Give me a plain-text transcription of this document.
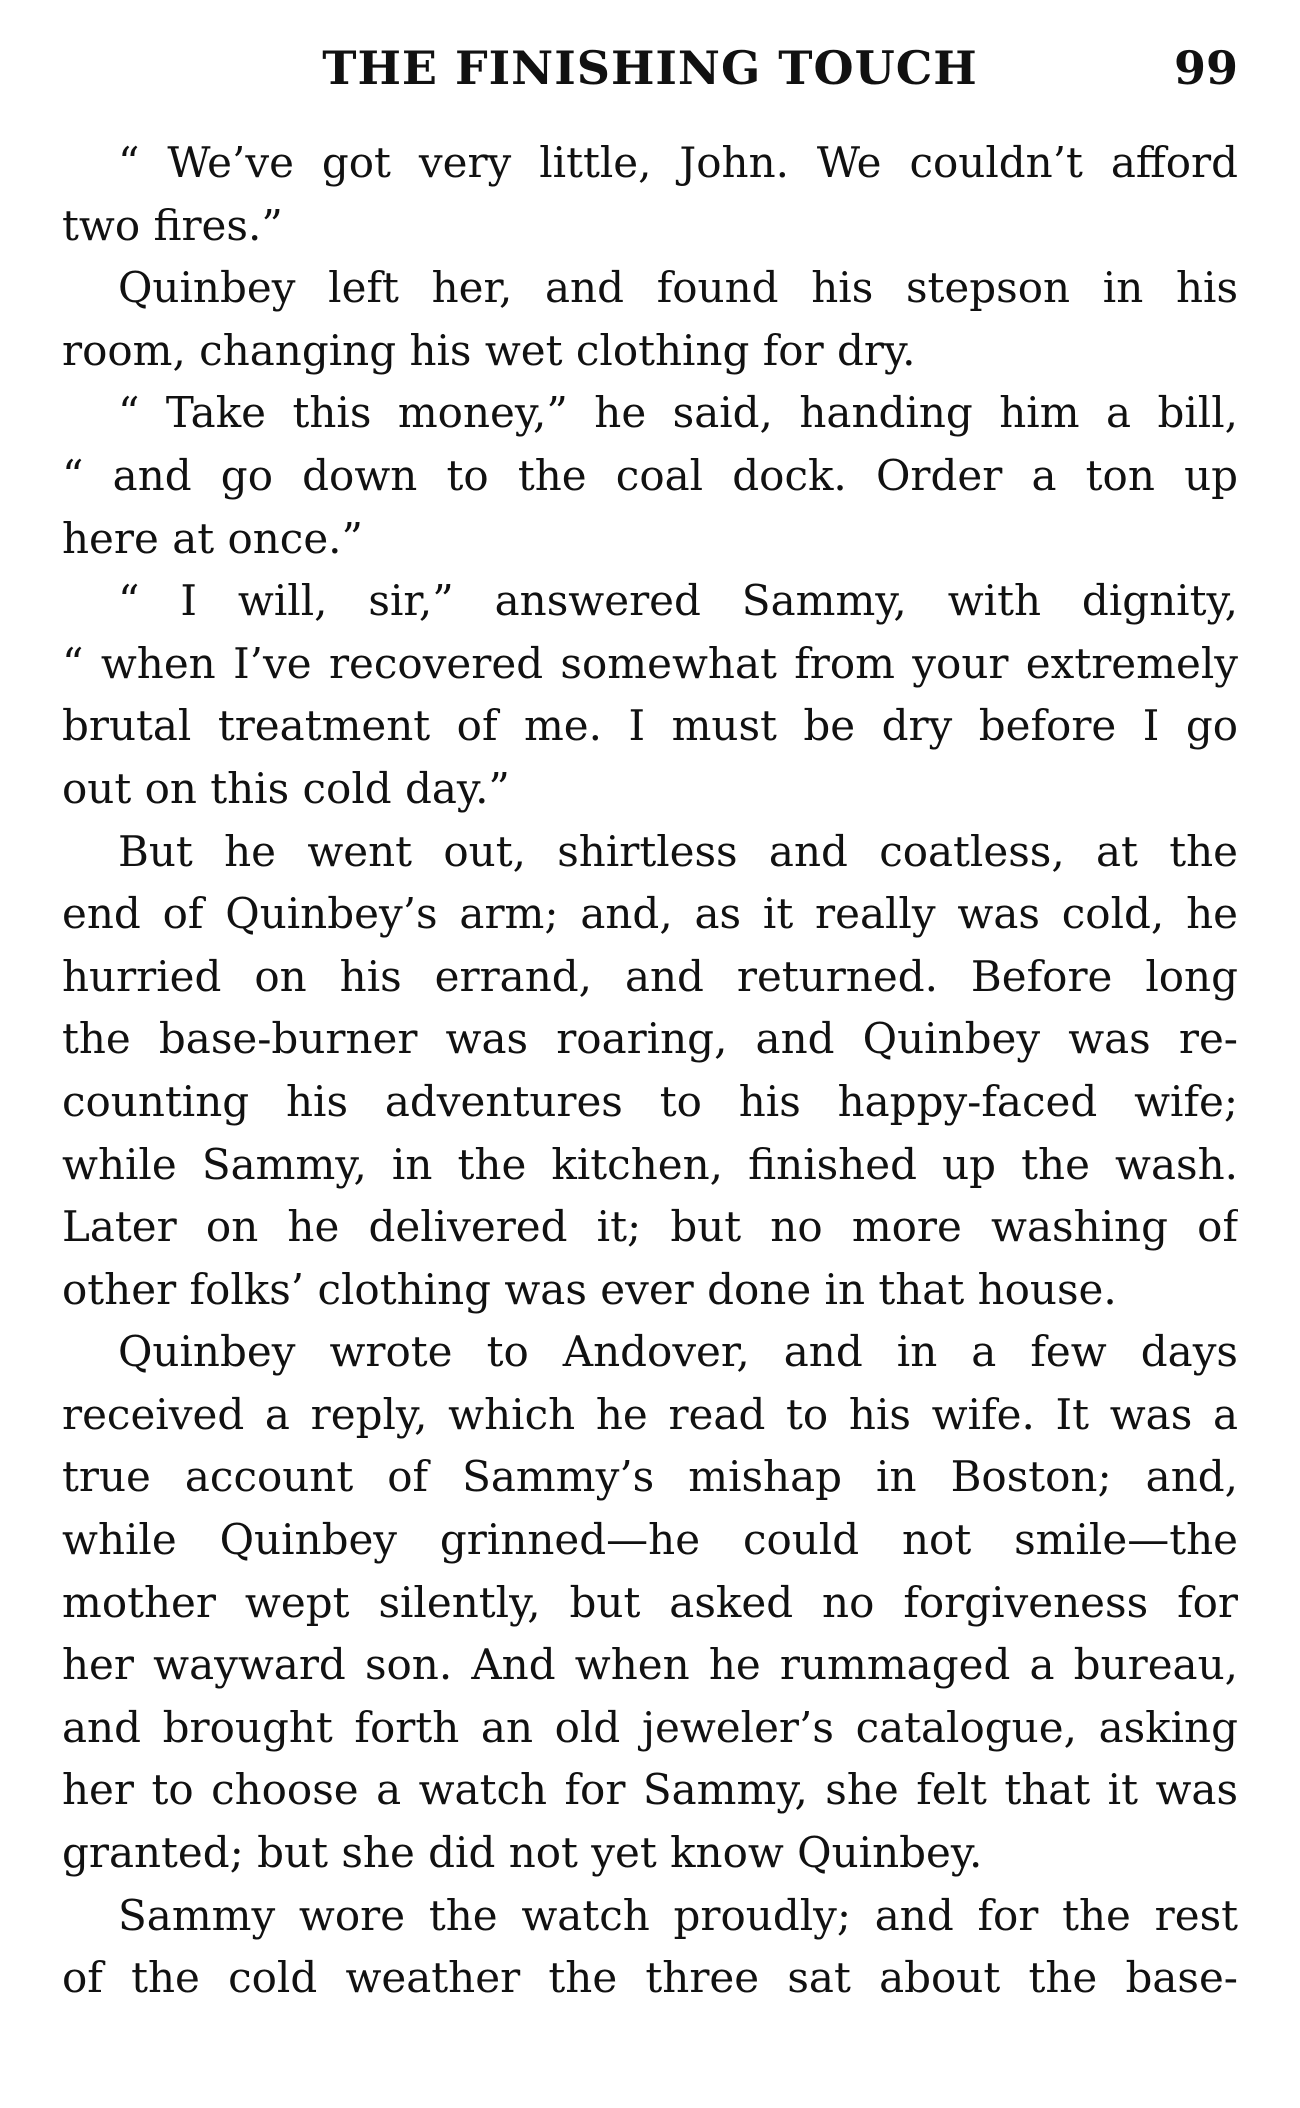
THE FINISHING TOUCH	99
“ We’ve got very little, John. We couldn’t afford
two fires.”
Quinbey left her, and found his stepson in his
room, changing his wet clothing for dry.
“ Take this money,” he said, handing him a bill,
“ and go down to the coal dock. Order a ton up
here at once.”
“ I will, sir,” answered Sammy, with dignity,
“ when I’ve recovered somewhat from your extremely
brutal treatment of me. I must be dry before I go
out on this cold day.”
But he went out, shirtless and coatless, at the
end of Quinbey’s arm; and, as it really was cold, he
hurried on his errand, and returned. Before long
the base-burner was roaring, and Quinbey was re-
counting his adventures to his happy-faced wife;
while Sammy, in the kitchen, finished up the wash.
Later on he delivered it; but no more washing of
other folks’ clothing was ever done in that house.
Quinbey wrote to Andover, and in a few days
received a reply, which he read to his wife. It was a
true account of Sammy’s mishap in Boston; and,
while Quinbey grinned—he could not smile—the
mother wept silently, but asked no forgiveness for
her wayward son. And when he rummaged a bureau,
and brought forth an old jeweler’s catalogue, asking
her to choose a watch for Sammy, she felt that it was
granted; but she did not yet know Quinbey.
Sammy wore the watch proudly; and for the rest
of the cold weather the three sat about the base-
